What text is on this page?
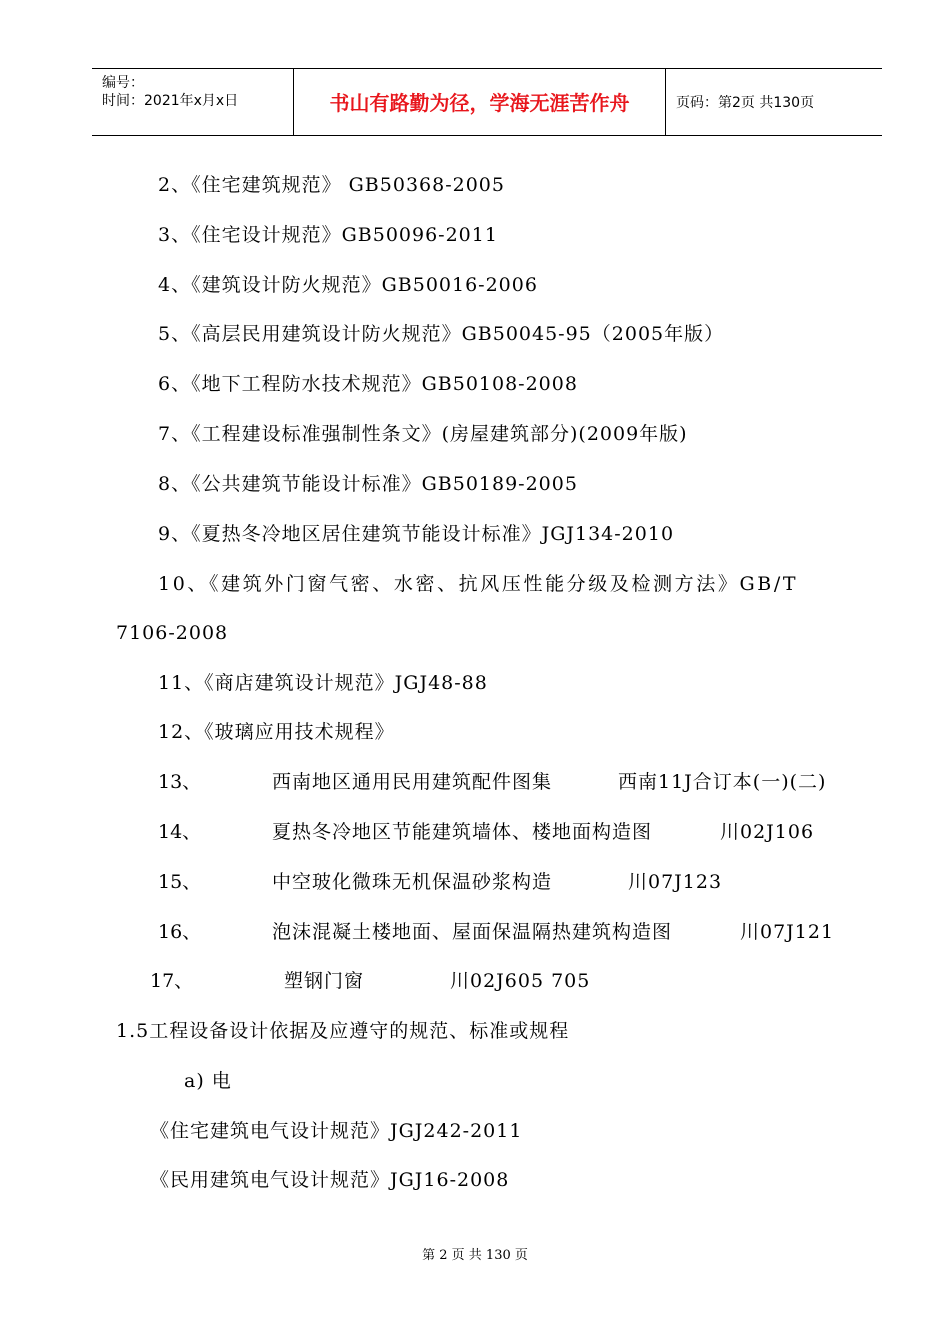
编号：
时间：2021年x月x日	书山有路勤为径，学海无涯苦作舟	页码：第2页 共130页
2、《住宅建筑规范》 GB50368-2005
3、《住宅设计规范》GB50096-2011
4、《建筑设计防火规范》GB50016-2006
5、《高层民用建筑设计防火规范》GB50045-95（2005年版）
6、《地下工程防水技术规范》GB50108-2008
7、《工程建设标准强制性条文》(房屋建筑部分)(2009年版)
8、《公共建筑节能设计标准》GB50189-2005
9、《夏热冬冷地区居住建筑节能设计标准》JGJ134-2010
10、《建筑外门窗气密、水密、抗风压性能分级及检测方法》GB/T
7106-2008
11、《商店建筑设计规范》JGJ48-88
12、《玻璃应用技术规程》
13、	西南地区通用民用建筑配件图集	西南11J合订本(一)(二)
14、	夏热冬冷地区节能建筑墙体、楼地面构造图	川02J106
15、	中空玻化微珠无机保温砂浆构造	川07J123
16、	泡沫混凝土楼地面、屋面保温隔热建筑构造图	川07J121
17、	塑钢门窗	川02J605 705
1.5工程设备设计依据及应遵守的规范、标准或规程
a) 电
《住宅建筑电气设计规范》JGJ242-2011
《民用建筑电气设计规范》JGJ16-2008
第 2 页 共 130 页
